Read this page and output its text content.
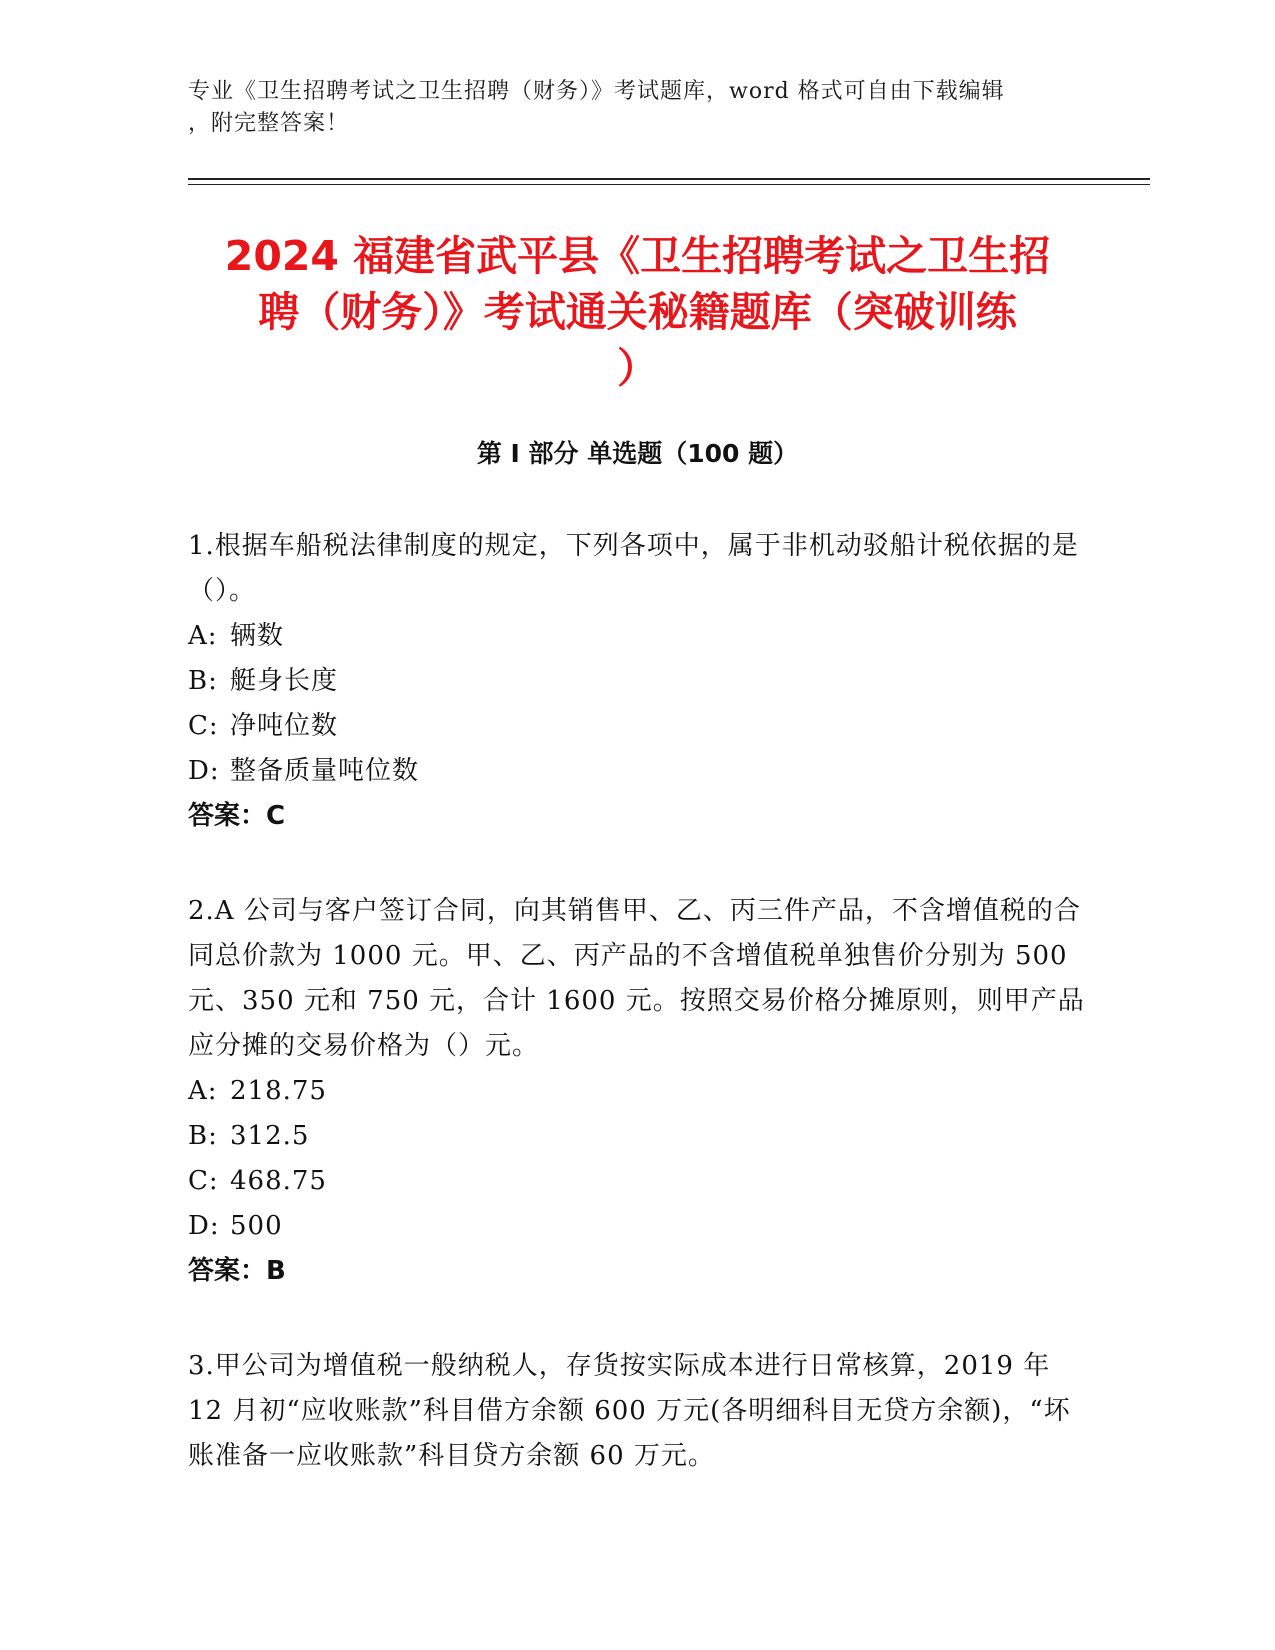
专业《卫生招聘考试之卫生招聘（财务）》考试题库，word 格式可自由下载编辑
，附完整答案！
2024 福建省武平县《卫生招聘考试之卫生招
聘（财务）》考试通关秘籍题库（突破训练
）
第 I 部分 单选题（100 题）
1.根据车船税法律制度的规定，下列各项中，属于非机动驳船计税依据的是（）。
A: 辆数
B: 艇身长度
C: 净吨位数
D: 整备质量吨位数
答案：C
2.A 公司与客户签订合同，向其销售甲、乙、丙三件产品，不含增值税的合同总价款为 1000 元。甲、乙、丙产品的不含增值税单独售价分别为 500 元、350 元和 750 元，合计 1600 元。按照交易价格分摊原则，则甲产品应分摊的交易价格为（）元。
A: 218.75
B: 312.5
C: 468.75
D: 500
答案：B
3.甲公司为增值税一般纳税人，存货按实际成本进行日常核算，2019 年 12 月初“应收账款”科目借方余额 600 万元(各明细科目无贷方余额)，“坏账准备一应收账款”科目贷方余额 60 万元。
